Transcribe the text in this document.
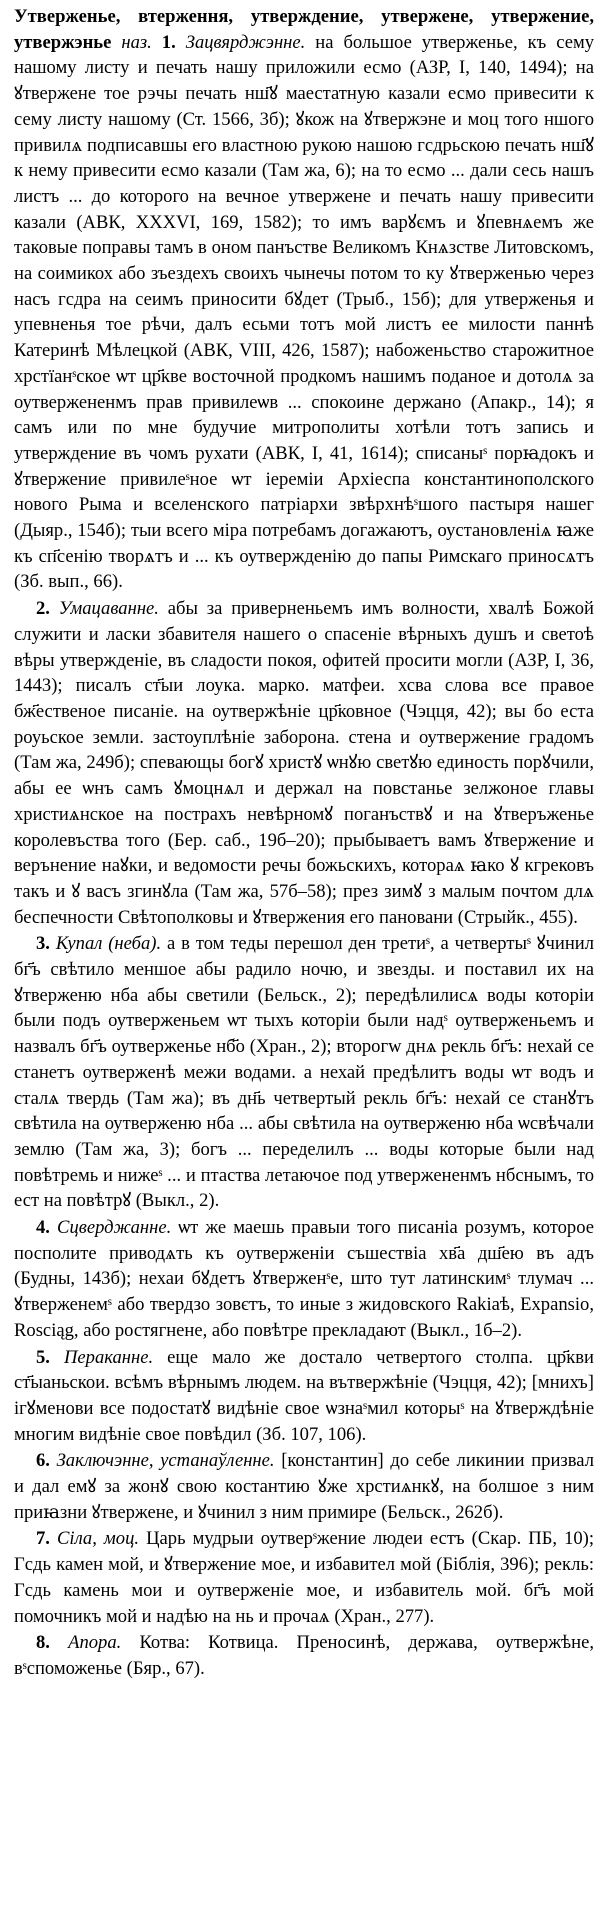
Утверженье, втерження, утверждение, утвержене, утвержение, утвержэнье наз. 1. Зацвярджэнне. на большое утверженье, къ сему нашому листу и печать нашу приложили есмо (АЗР, I, 140, 1494); на ꙋтверженe тое рэчы печать нш҃ꙋ маестатную казали есмо привесити к сему листу нашому (Ст. 1566, 3б); ꙋкож на ꙋтвержэне и моц того ншого привилѧ подписавшы его властною рукою нашою гсдрьскою печать нш҃ꙋ к нему привесити есмо казали (Там жа, 6); на то есмо ... дали сесь нашъ листъ ... до которого на вечное утвержене и печать нашу привесити казали (АВК, XXXVI, 169, 1582); то имъ варꙋємъ и ꙋпевнѧемъ же таковые поправы тамъ в оном панъстве Великомъ Кнѧзстве Литовскомъ, на соимикох або зъездехъ своихъ чынечы потом то ку ꙋтверженью через насъ гсдра на сеимъ приносити бꙋдет (Трыб., 15б); для утверженья и упевненья тое рѣчи, далъ есьми тотъ мой листъ ее милости паннѣ Катеринѣ Мѣлецкой (АВК, VIII, 426, 1587); набоженьство старожитное хрстїанˢское ѡт цр҃кве восточной продкомъ нашимъ поданое и дотолѧ за оутвержененмъ прав привилеѡв ... спокоине держано (Апакр., 14); я самъ или по мне будучие митрополиты хотѣли тотъ запись и утверждение въ чомъ рухати (АВК, I, 41, 1614); списаныˢ порꙗдокъ и ꙋтвержение привилеˢное ѡт iереміи Архiеспа константинополского нового Рыма и вселенского патріархи звѣрхнѣˢшого пастыря нашег (Дыяр., 154б); тыи всего міра потребамъ догажаютъ, оустановленіѧ ꙗже къ сп҃сенію творѧтъ и ... къ оутвержденію до папы Римскаго приносѧтъ (Зб. вып., 66).

2. Умацаванне. абы за приверненьемъ имъ волности, хвалѣ Божой служити и ласки збавителя нашего о спасеніе вѣрныхъ душъ и светоѣ вѣры утвержденіе, въ сладости покоя, офитей просити могли (АЗР, I, 36, 1443); писалъ ст҃ыи лоука. марко. матфеи. хсва слова все правое бж҃ественое писаніе. на оутвержѣніе цр҃ковное (Чэцця, 42); вы бо еста роуьское земли. застоуплѣніе заборона. стена и оутвержение градомъ (Там жа, 249б); спевающы богꙋ христꙋ ѡнꙋю светꙋю единость порꙋчили, абы ее ѡнъ самъ ꙋмоцнѧл и держал на повстанье зелжоное главы христиѧнское на пострахъ невѣрномꙋ поганъствꙋ и на ꙋтверъженье королевъства того (Бер. саб., 19б–20); прыбываетъ вамъ ꙋтвержение и верънение наꙋки, и ведомости речы божьскихъ, котораѧ ꙗко ꙋ кгрековъ такъ и ꙋ васъ згинꙋла (Там жа, 57б–58); през зимꙋ з малым почтом длѧ беспечности Свѣтополковы и ꙋтвержения его пановани (Стрыйк., 455).

3. Купал (неба). а в том теды перешол ден третиˢ, а четвертыˢ ꙋчинил бг҃ъ свѣтило меншое абы радило ночю, и звезды. и поставил их на ꙋтверженю нба абы светили (Бельск., 2); передѣлилисѧ воды которіи были подъ оутверженьем ѡт тыхъ которіи были надˢ оутверженьемъ и назвалъ бг҃ъ оутверженье нб҃о (Хран., 2); второгw днѧ рекль бг҃ъ: нехай се станетъ оутверженѣ межи водами. а нехай предѣлитъ воды ѡт водъ и сталѧ твердь (Там жа); въ дн҃ь четвертый рекль бг҃ъ: нехай се станꙋтъ свѣтила на оутверженю нба ... абы свѣтила на оутверженю нба ѡсвѣчали землю (Там жа, 3); богъ ... переделилъ ... воды которые были над повѣтремь и нижеˢ ... и птаства летаючое под утвержененмъ нбснымъ, то ест на повѣтрꙋ (Выкл., 2).

4. Сцверджанне. ѡт же маешь правыи того писаніа розумъ, которое посполите приводѧть къ оутверженіи съшествіа хв҃а дш҃ею въ адъ (Будны, 143б); нехаи бꙋдетъ ꙋтверженˢе, што тут латинскимˢ тлумач ... ꙋтверженемˢ або твердзо зовєтъ, то иные з жидовского Rakiaѣ, Expansio, Rosciąg, або ростягнене, або повѣтре прекладают (Выкл., 1б–2).

5. Пераканне. еще мало же достало четвертого столпа. цр҃кви ст҃ыаньскои. всѣмъ вѣрнымъ людем. на вътвержѣніе (Чэцця, 42); [мнихъ] iгꙋменови все подостатꙋ видѣніе свое ѡзнаˢмил которыˢ на ꙋтверждѣніе многим видѣніе свое повѣдил (Зб. 107, 106).

6. Заключэнне, устанаўленне. [константин] до себе ликинии призвал и дал емꙋ за жонꙋ свою костантию ꙋже хрстиѧнкꙋ, на болшое з ним приꙗзни ꙋтвержене, и ꙋчинил з ним примире (Бельск., 262б).

7. Сіла, моц. Царь мудрыи оутверˢжение людеи естъ (Скар. ПБ, 10); Гсдь камен мой, и ꙋтвержение мое, и избавител мой (Біблія, 396); рекль: Гсдь камень мои и оутверженіе мое, и избавитель мой. бг҃ъ мой помочникъ мой и надѣю на нь и прочаѧ (Хран., 277).

8. Апора. Котва: Котвица. Преносинѣ, держава, оутвержѣне, вˢспоможенье (Бяр., 67).
